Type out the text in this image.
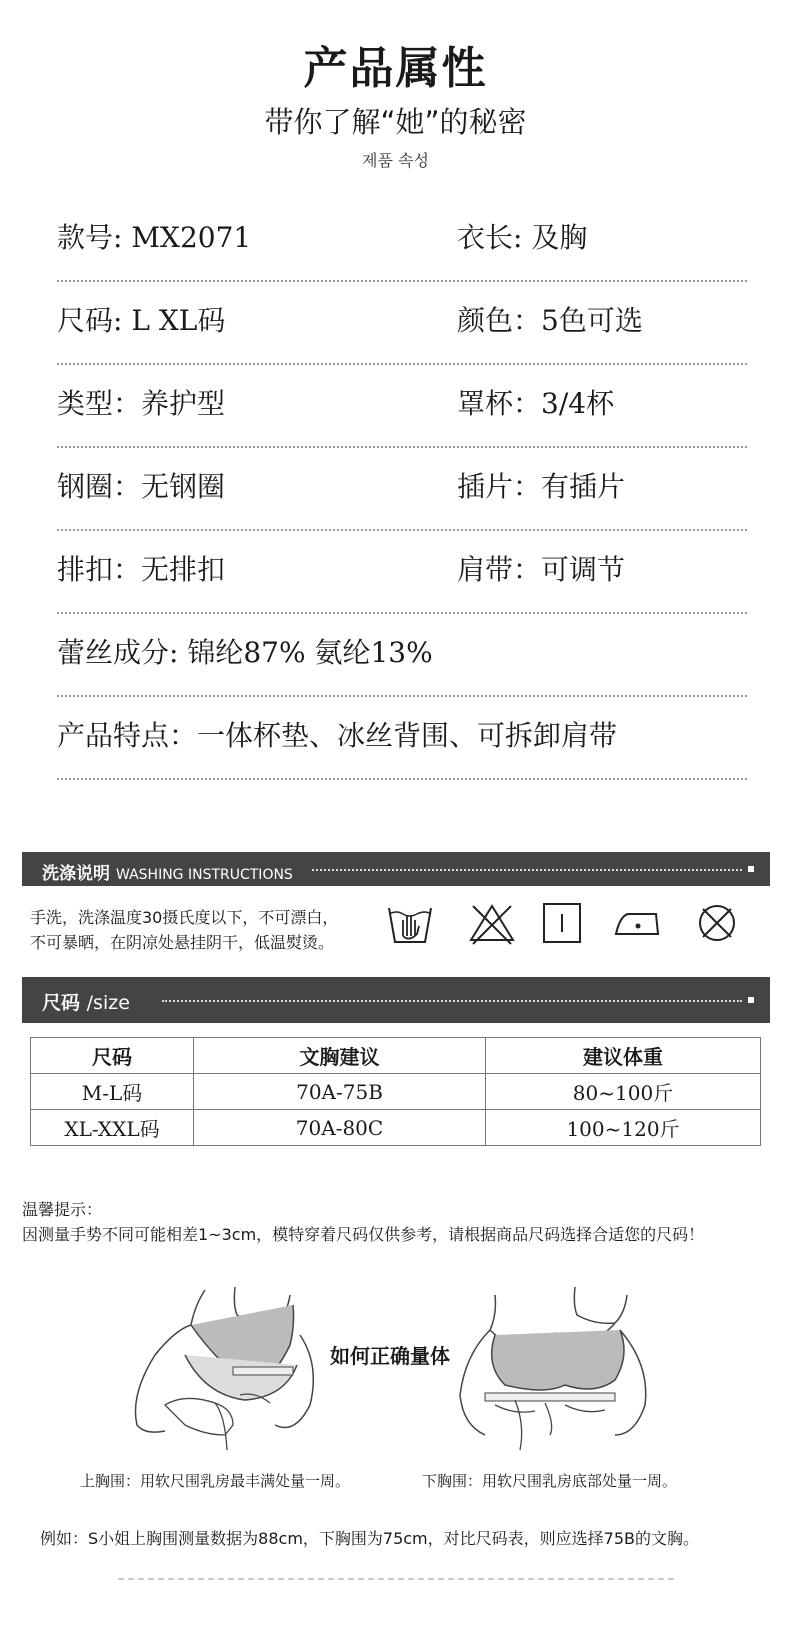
产品属性
带你了解“她”的秘密
제품 속성
款号: MX2071	衣长: 及胸
尺码: L XL码	颜色：5色可选
类型：养护型	罩杯：3/4杯
钢圈：无钢圈	插片：有插片
排扣：无排扣	肩带：可调节
蕾丝成分: 锦纶87% 氨纶13%
产品特点：一体杯垫、冰丝背围、可拆卸肩带
洗涤说明 WASHING INSTRUCTIONS
手洗，洗涤温度30摄氏度以下，不可漂白，
不可暴晒，在阴凉处悬挂阴干，低温熨烫。
尺码 /size
尺码	文胸建议	建议体重
M-L码	70A-75B	80~100斤
XL-XXL码	70A-80C	100~120斤
温馨提示：
因测量手势不同可能相差1~3cm，模特穿着尺码仅供参考，请根据商品尺码选择合适您的尺码！
如何正确量体
上胸围：用软尺围乳房最丰满处量一周。	下胸围：用软尺围乳房底部处量一周。
例如：S小姐上胸围测量数据为88cm，下胸围为75cm，对比尺码表，则应选择75B的文胸。
